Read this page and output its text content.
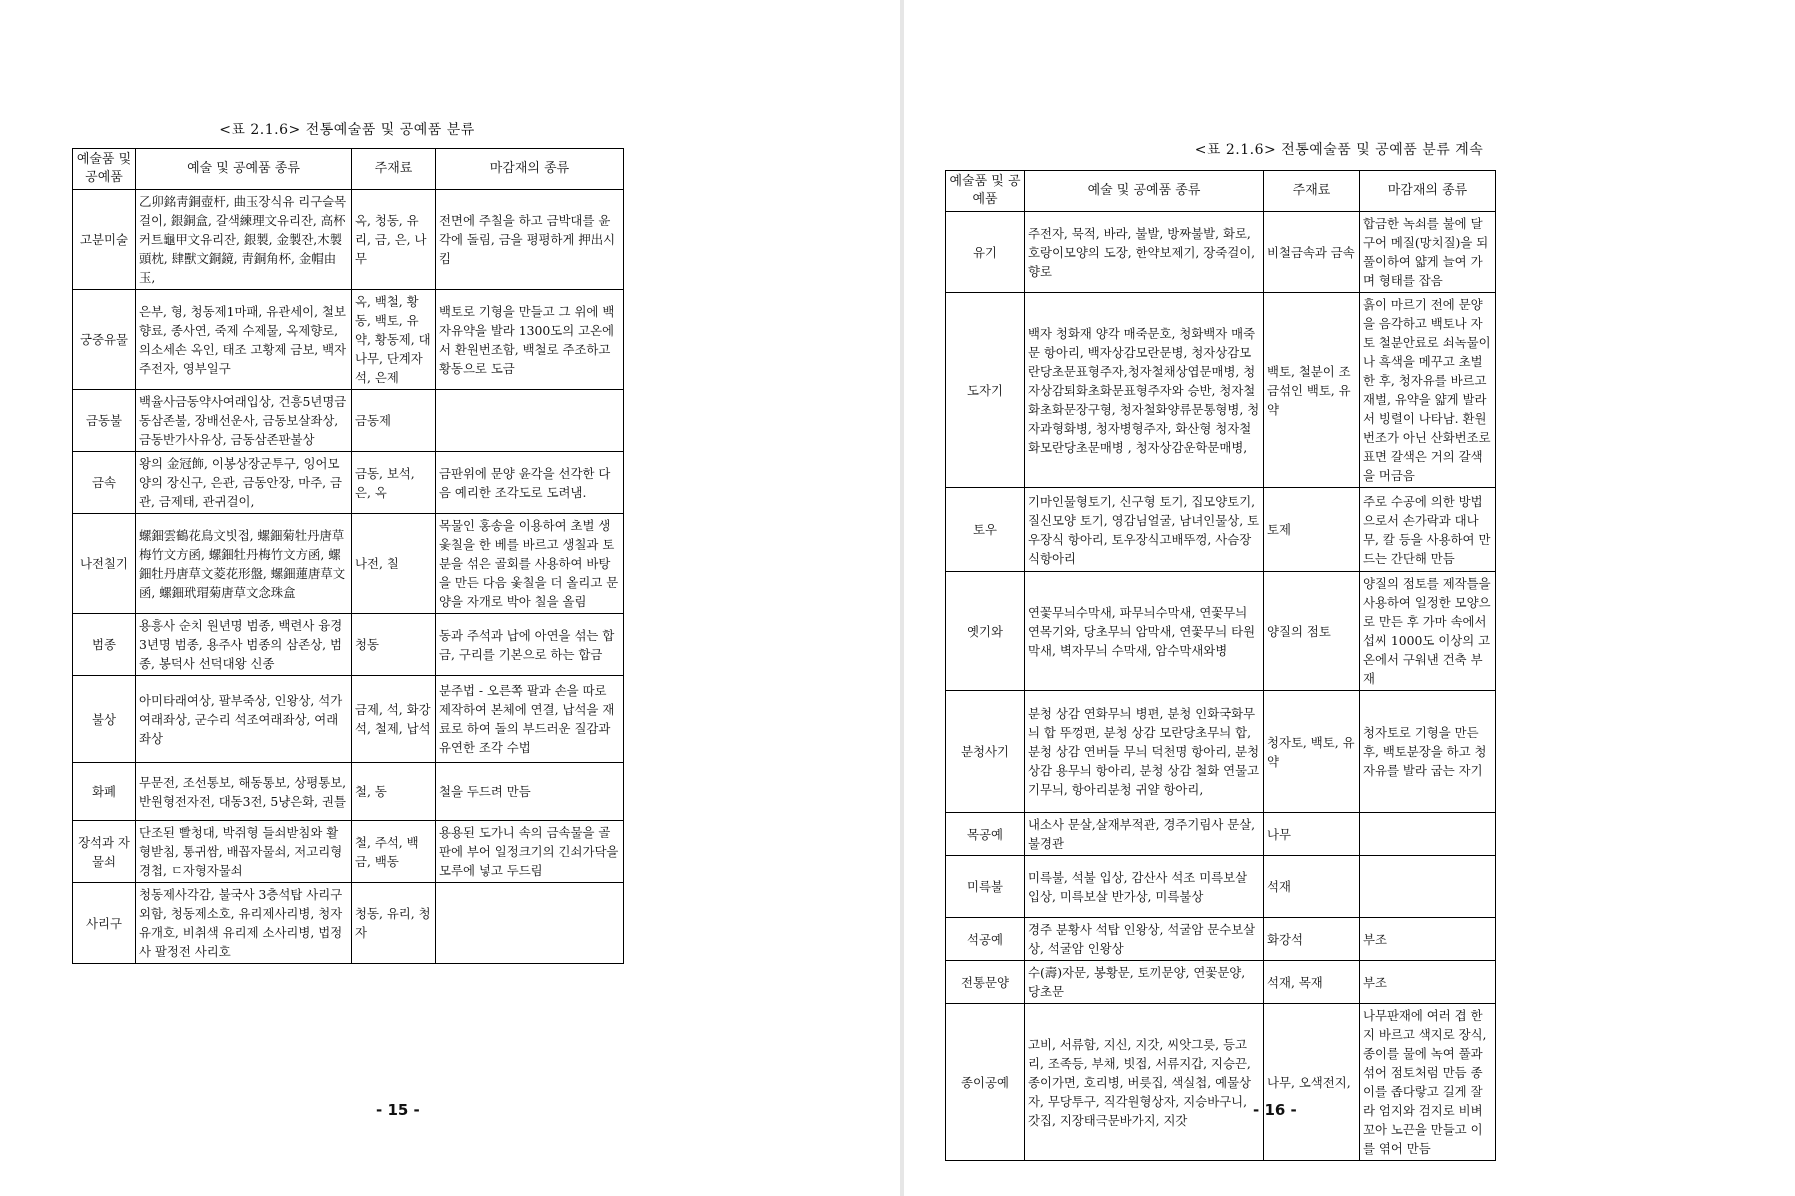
<표 2.1.6> 전통예술품 및 공예품 분류
예술품 및 공예품	예술 및 공예품 종류	주재료	마감재의 종류
고분미술	乙卯銘靑銅壺杆, 曲玉장식유 리구슬목걸이, 銀銅盒, 갈색練理文유리잔, 高杯커트龜甲文유리잔, 銀製, 金製잔,木製頭枕, 肆獸文銅鏡, 靑銅角杯, 金帽由玉,	옥, 청동, 유리, 금, 은, 나무	전면에 주칠을 하고 금박대를 윤각에 돌림, 금을 평평하게 押出시킴
궁중유물	은부, 형, 청동제1마패, 유관세이, 철보향료, 종사연, 죽제 수제물, 옥제향로, 의소세손 옥인, 태조 고황제 금보, 백자 주전자, 영부일구	옥, 백철, 황동, 백토, 유약, 황동제, 대나무, 단계자석, 은제	백토로 기형을 만들고 그 위에 백자유약을 발라 1300도의 고온에서 환원번조함, 백철로 주조하고 황동으로 도금
금동불	백율사금동약사여래입상, 건흥5년명금동삼존불, 장배선운사, 금동보살좌상, 금동반가사유상, 금동삼존판불상	금동제	
금속	왕의 金冠飾, 이봉상장군투구, 잉어모양의 장신구, 은관, 금동안장, 마주, 금관, 금제태, 관귀걸이,	금동, 보석, 은, 옥	금판위에 문양 윤각을 선각한 다음 예리한 조각도로 도려냄.
나전칠기	螺鈿雲鶴花鳥文빗접, 螺鈿菊牡丹唐草梅竹文方函, 螺鈿牡丹梅竹文方函, 螺鈿牡丹唐草文菱花形盤, 螺鈿蓮唐草文函, 螺鈿玳瑁菊唐草文念珠盒	나전, 칠	목물인 홍송을 이용하여 초벌 생옻칠을 한 베를 바르고 생칠과 토분을 섞은 골회를 사용하여 바탕을 만든 다음 옻칠을 더 올리고 문양을 자개로 박아 칠을 올림
범종	용흥사 순치 원년명 범종, 백련사 융경3년명 범종, 용주사 범종의 삼존상, 범종, 봉덕사 선덕대왕 신종	청동	동과 주석과 납에 아연을 섞는 합금, 구리를 기본으로 하는 합금
불상	아미타래여상, 팔부죽상, 인왕상, 석가여래좌상, 군수리 석조여래좌상, 여래좌상	금제, 석, 화강석, 철제, 납석	분주법 - 오른쪽 팔과 손을 따로 제작하여 본체에 연결, 납석을 재료로 하여 돌의 부드러운 질감과 유연한 조각 수법
화폐	무문전, 조선통보, 해동통보, 상평통보, 반원형전자전, 대동3전, 5냥은화, 권틀	철, 동	철을 두드려 만듬
장석과 자물쇠	단조된 빨청대, 박쥐형 들쇠받침와 활형받침, 통귀쌈, 배꼽자물쇠, 저고리형경첩, ㄷ자형자물쇠	철, 주석, 백금, 백동	용용된 도가니 속의 금속물을 골판에 부어 일정크기의 긴쇠가닥을 모루에 넣고 두드림
사리구	청동제사각감, 불국사 3층석탑 사리구외함, 청동제소호, 유리제사리병, 청자유개호, 비취색 유리제 소사리병, 법정사 팔정전 사리호	청동, 유리, 청자	
- 15 -
<표 2.1.6> 전통예술품 및 공예품 분류 계속
예술품 및 공예품	예술 및 공예품 종류	주재료	마감재의 종류
유기	주전자, 묵적, 바라, 불발, 방짜불발, 화로, 호랑이모양의 도장, 한약보제기, 장죽걸이, 향로	비철금속과 금속	합금한 녹쇠를 불에 달구어 메질(망치질)을 되풀이하여 얇게 늘여 가며 형태를 잡음
도자기	백자 청화재 양각 매죽문호, 청화백자 매죽문 항아리, 백자상감모란문병, 청자상감모란당초문표형주자,청자철채상엽문매병, 청자상감퇴화초화문표형주자와 승반, 청자철화초화문장구형, 청자철화양류문통형병, 청자과형화병, 청자병형주자, 화산형 청자철화모란당초문매병 , 청자상감운학문매병,	백토, 철분이 조금섞인 백토, 유약	흙이 마르기 전에 문양을 음각하고 백토나 자토 철분안료로 쇠녹물이나 흑색을 메꾸고 초벌한 후, 청자유를 바르고 재벌, 유약을 얇게 발라서 빙렬이 나타남. 환원번조가 아닌 산화번조로 표면 갈색은 거의 갈색을 머금음
토우	기마인물형토기, 신구형 토기, 집모양토기, 질신모양 토기, 영감님얼굴, 남녀인물상, 토우장식 항아리, 토우장식고배뚜껑, 사슴장식항아리	토제	주로 수공에 의한 방법으로서 손가락과 대나무, 칼 등을 사용하여 만드는 간단해 만듬
옛기와	연꽃무늬수막새, 파무늬수막새, 연꽃무늬 연목기와, 당초무늬 암막새, 연꽃무늬 타원막새, 벽자무늬 수막새, 암수막새와병	양질의 점토	양질의 점토를 제작틀을 사용하여 일정한 모양으로 만든 후 가마 속에서 섭씨 1000도 이상의 고온에서 구워낸 건축 부재
분청사기	분청 상감 연화무늬 병편, 분청 인화국화무늬 합 뚜껑편, 분청 상감 모란당초무늬 합, 분청 상감 연버들 무늬 덕천명 항아리, 분청 상감 용무늬 항아리, 분청 상감 철화 연물고기무늬, 항아리분청 귀얄 항아리,	청자토, 백토, 유약	청자토로 기형을 만든 후, 백토분장을 하고 청자유를 발라 굽는 자기
목공예	내소사 문살,살재부적관, 경주기림사 문살, 불경관	나무	
미륵불	미륵불, 석불 입상, 감산사 석조 미륵보살 입상, 미륵보살 반가상, 미륵불상	석재	
석공예	경주 분황사 석탑 인왕상, 석굴암 문수보살상, 석굴암 인왕상	화강석	부조
전통문양	수(壽)자문, 봉황문, 토끼문양, 연꽃문양, 당초문	석재, 목재	부조
종이공예	고비, 서류함, 지신, 지갓, 씨앗그릇, 등고리, 조족등, 부채, 빗접, 서류지갑, 지승끈, 종이가면, 호리병, 버릇집, 색실첩, 예물상자, 무당투구, 직각원형상자, 지승바구니, 갓집, 지장태극문바가지, 지갓	나무, 오색전지,	나무판재에 여러 겹 한지 바르고 색지로 장식, 종이를 물에 녹여 풀과 섞어 점토처럼 만듬 종이를 좁다랗고 길게 잘라 엄지와 검지로 비벼 꼬아 노끈을 만들고 이를 엮어 만듬
- 16 -
